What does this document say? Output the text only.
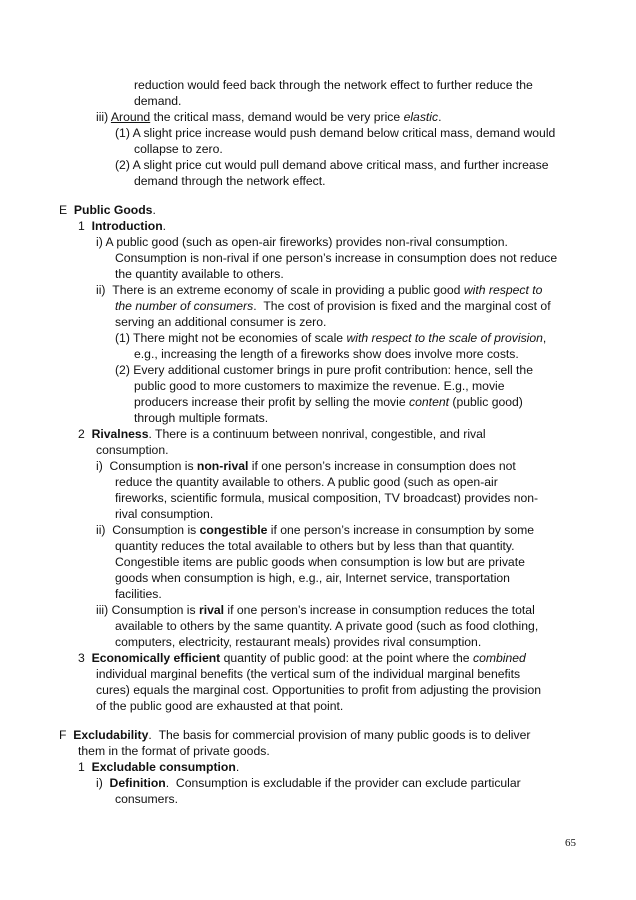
reduction would feed back through the network effect to further reduce the
demand.
iii) Around the critical mass, demand would be very price elastic.
(1) A slight price increase would push demand below critical mass, demand would
collapse to zero.
(2) A slight price cut would pull demand above critical mass, and further increase
demand through the network effect.
E  Public Goods.
1  Introduction.
i) A public good (such as open-air fireworks) provides non-rival consumption.
Consumption is non-rival if one person’s increase in consumption does not reduce
the quantity available to others.
ii)  There is an extreme economy of scale in providing a public good with respect to
the number of consumers.  The cost of provision is fixed and the marginal cost of
serving an additional consumer is zero.
(1) There might not be economies of scale with respect to the scale of provision,
e.g., increasing the length of a fireworks show does involve more costs.
(2) Every additional customer brings in pure profit contribution: hence, sell the
public good to more customers to maximize the revenue. E.g., movie
producers increase their profit by selling the movie content (public good)
through multiple formats.
2  Rivalness. There is a continuum between nonrival, congestible, and rival
consumption.
i)  Consumption is non-rival if one person’s increase in consumption does not
reduce the quantity available to others. A public good (such as open-air
fireworks, scientific formula, musical composition, TV broadcast) provides non-
rival consumption.
ii)  Consumption is congestible if one person’s increase in consumption by some
quantity reduces the total available to others but by less than that quantity.
Congestible items are public goods when consumption is low but are private
goods when consumption is high, e.g., air, Internet service, transportation
facilities.
iii) Consumption is rival if one person’s increase in consumption reduces the total
available to others by the same quantity. A private good (such as food clothing,
computers, electricity, restaurant meals) provides rival consumption.
3  Economically efficient quantity of public good: at the point where the combined
individual marginal benefits (the vertical sum of the individual marginal benefits
cures) equals the marginal cost. Opportunities to profit from adjusting the provision
of the public good are exhausted at that point.
F  Excludability.  The basis for commercial provision of many public goods is to deliver
them in the format of private goods.
1  Excludable consumption.
i)  Definition.  Consumption is excludable if the provider can exclude particular
consumers.
65
